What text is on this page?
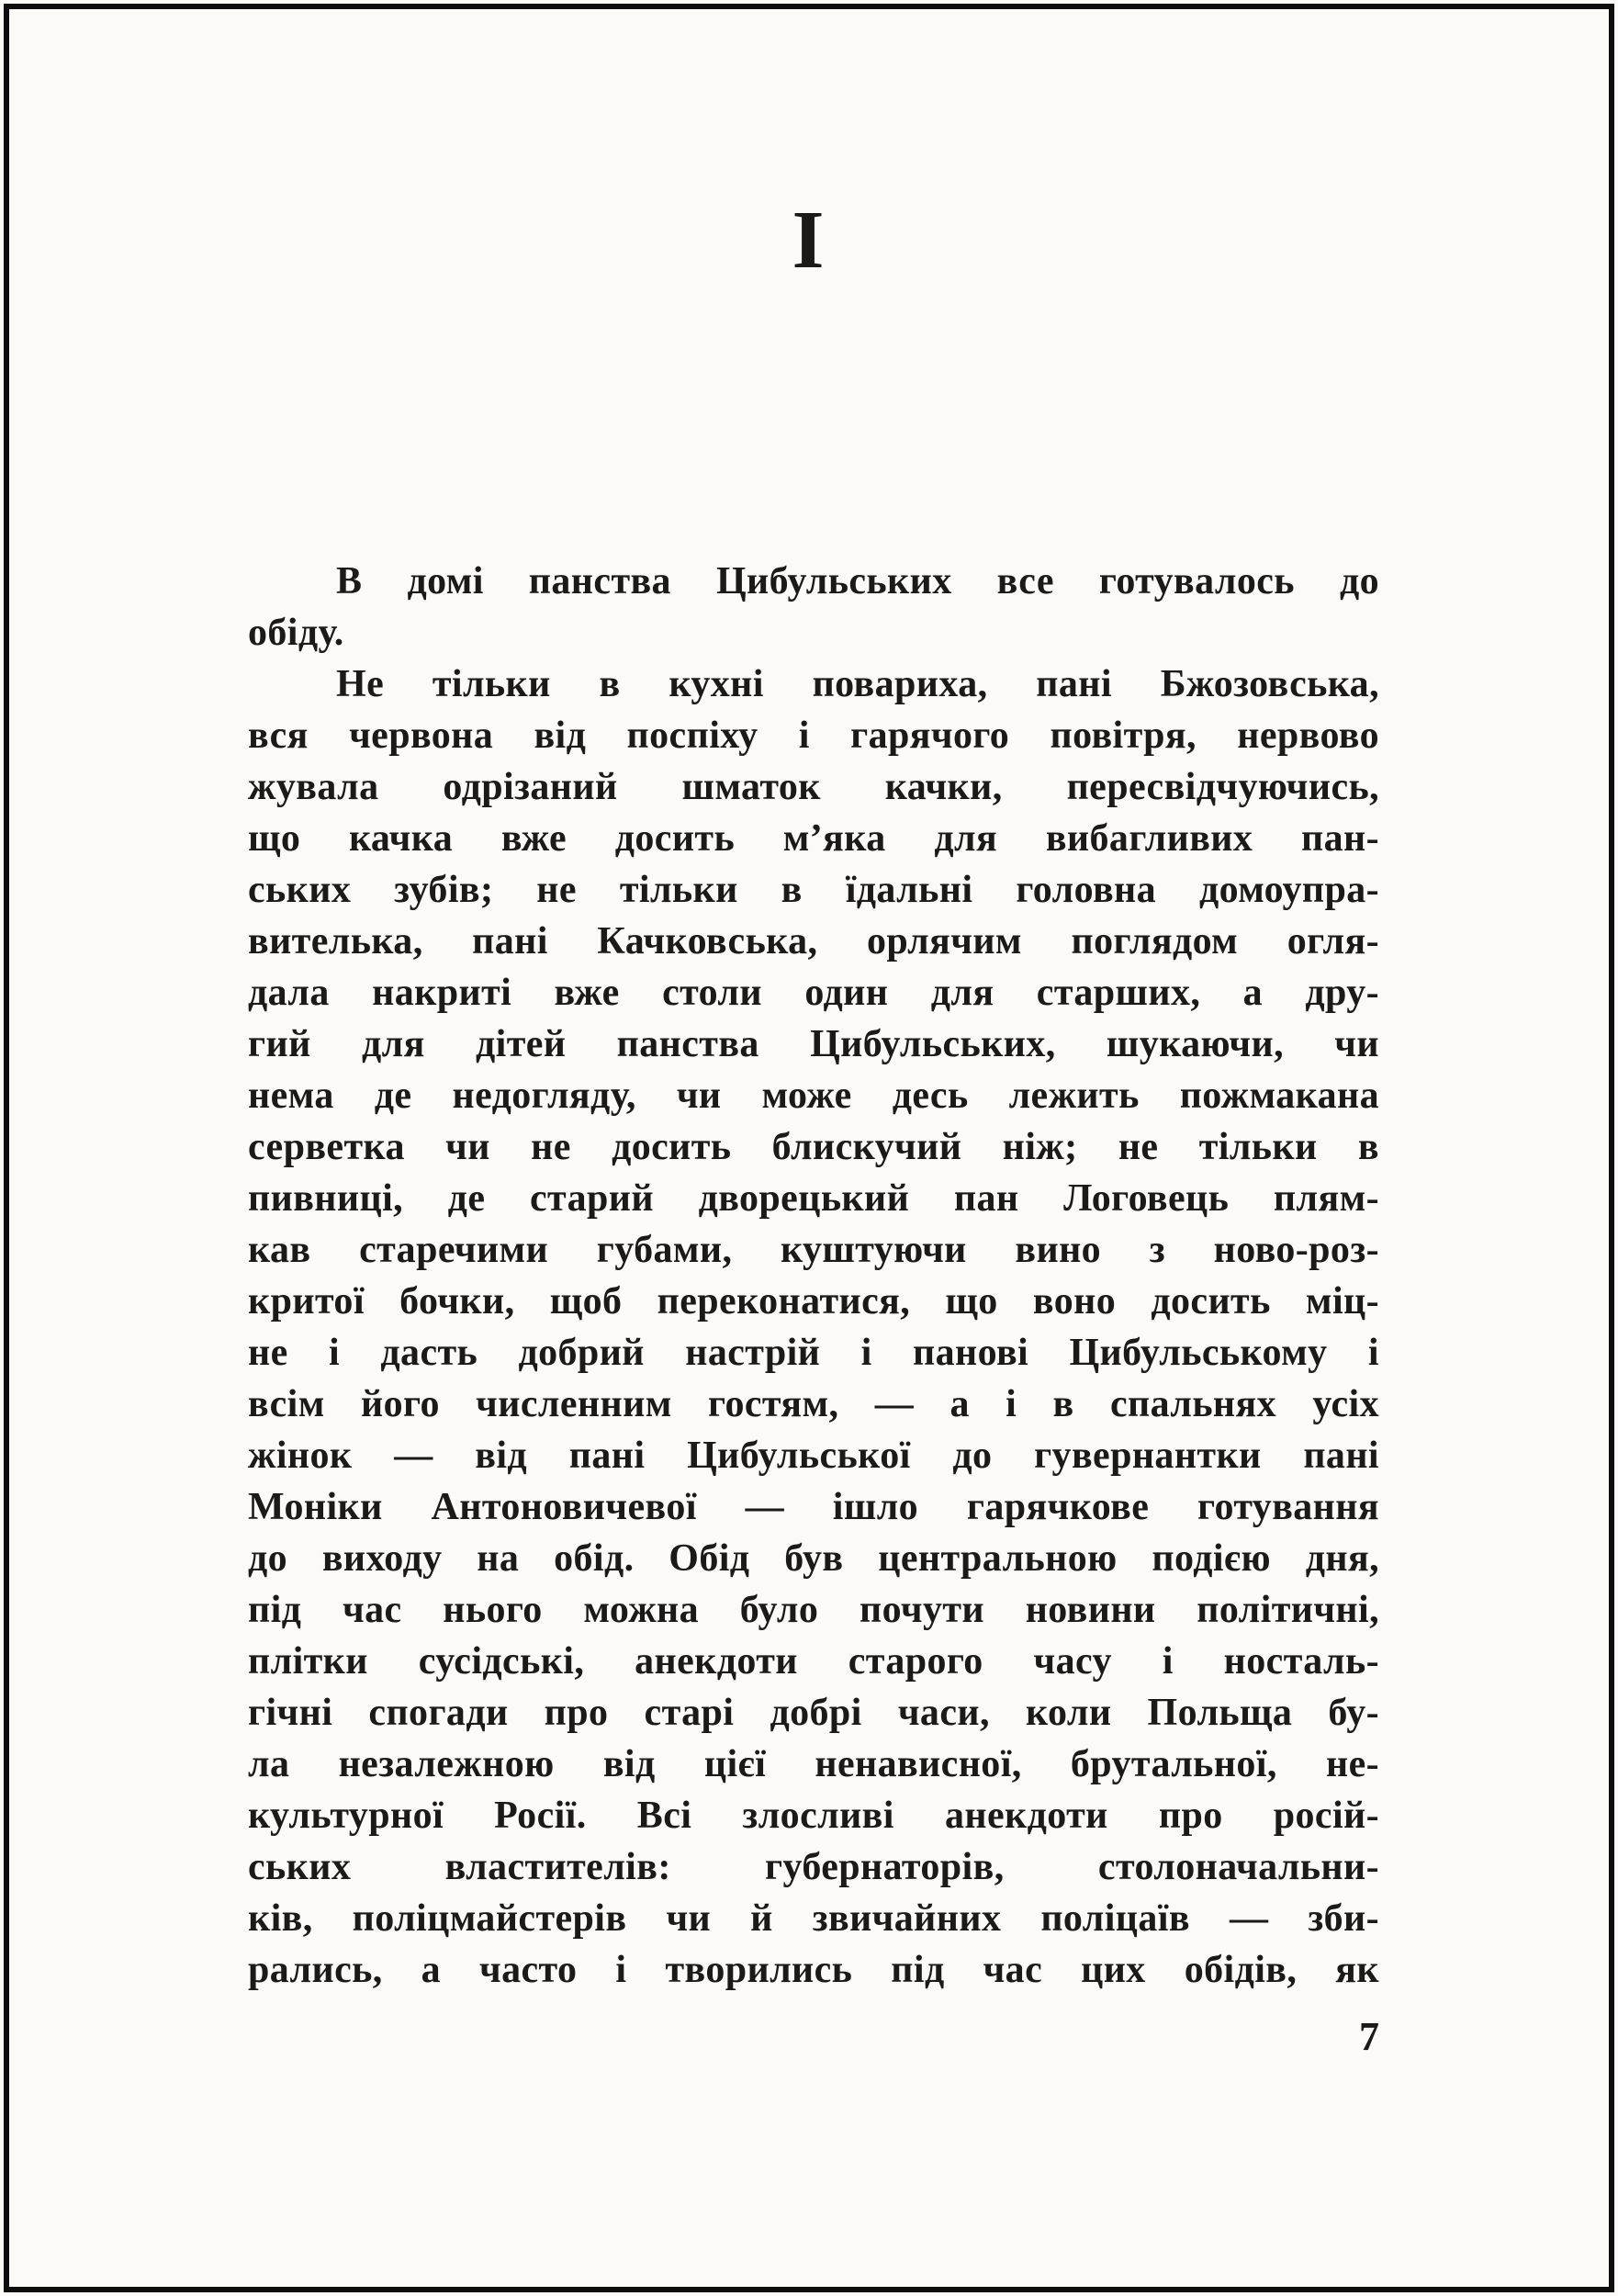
I
В домі панства Цибульських все готувалось до
обіду.
Не тільки в кухні повариха, пані Бжозовська,
вся червона від поспіху і гарячого повітря, нервово
жувала одрізаний шматок качки, пересвідчуючись,
що качка вже досить м’яка для вибагливих пан-
ських зубів; не тільки в їдальні головна домоупра-
вителька, пані Качковська, орлячим поглядом огля-
дала накриті вже столи один для старших, а дру-
гий для дітей панства Цибульських, шукаючи, чи
нема де недогляду, чи може десь лежить пожмакана
серветка чи не досить блискучий ніж; не тільки в
пивниці, де старий дворецький пан Логовець плям-
кав старечими губами, куштуючи вино з ново-роз-
критої бочки, щоб переконатися, що воно досить міц-
не і дасть добрий настрій і панові Цибульському і
всім його численним гостям, — а і в спальнях усіх
жінок — від пані Цибульської до гувернантки пані
Моніки Антоновичевої — ішло гарячкове готування
до виходу на обід. Обід був центральною подією дня,
під час нього можна було почути новини політичні,
плітки сусідські, анекдоти старого часу і носталь-
гічні спогади про старі добрі часи, коли Польща бу-
ла незалежною від цієї ненависної, брутальної, не-
культурної Росії. Всі злосливі анекдоти про росій-
ських властителів: губернаторів, столоначальни-
ків, поліцмайстерів чи й звичайних поліцаїв — зби-
рались, а часто і творились під час цих обідів, як
7
